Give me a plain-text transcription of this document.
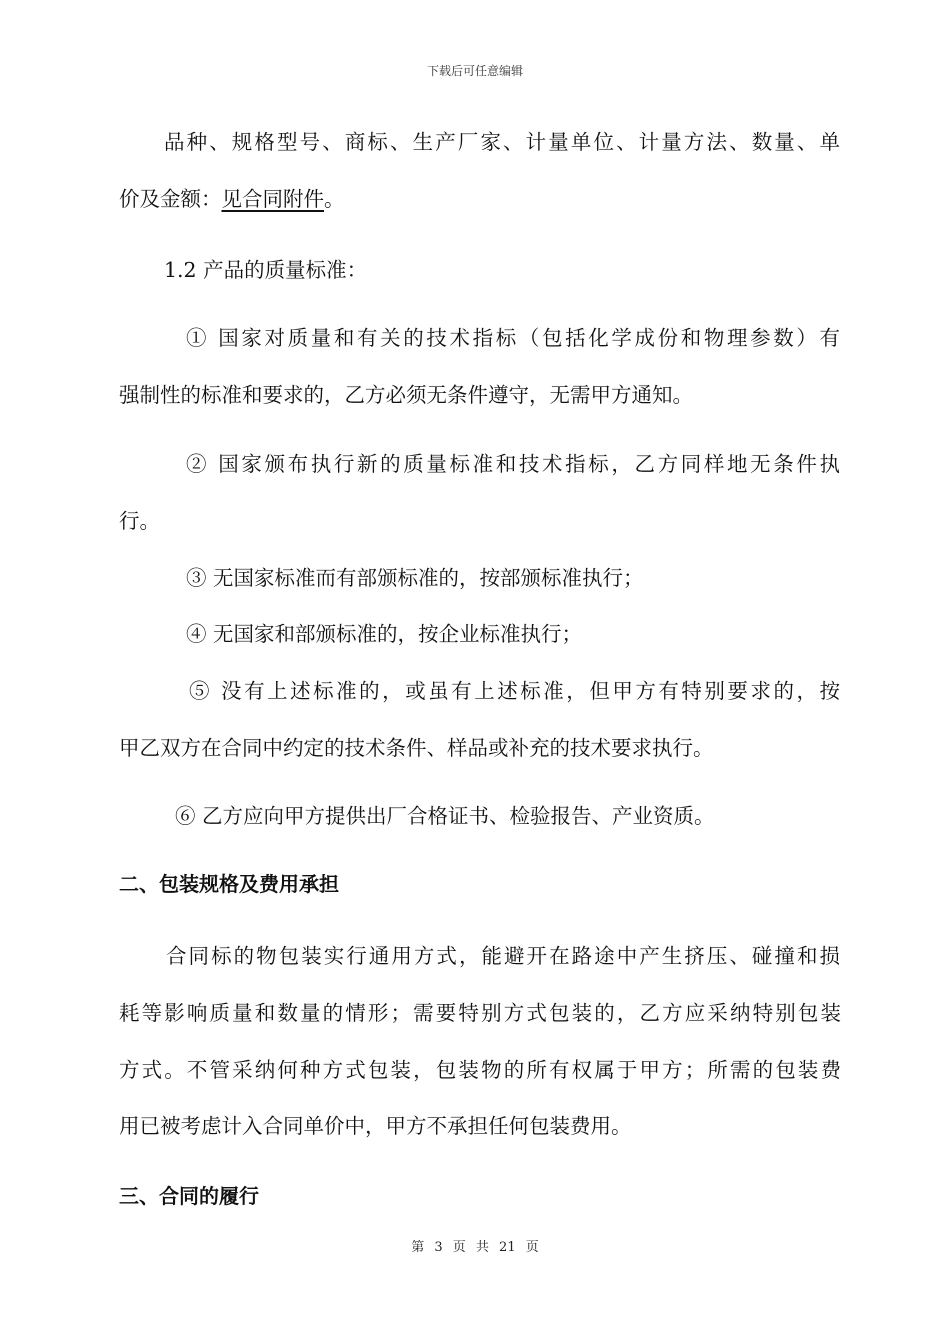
下载后可任意编辑
品种、规格型号、商标、生产厂家、计量单位、计量方法、数量、单
价及金额：见合同附件。
1.2 产品的质量标准：
① 国家对质量和有关的技术指标（包括化学成份和物理参数）有
强制性的标准和要求的，乙方必须无条件遵守，无需甲方通知。
② 国家颁布执行新的质量标准和技术指标，乙方同样地无条件执
行。
③ 无国家标准而有部颁标准的，按部颁标准执行；
④ 无国家和部颁标准的，按企业标准执行；
⑤ 没有上述标准的，或虽有上述标准，但甲方有特别要求的，按
甲乙双方在合同中约定的技术条件、样品或补充的技术要求执行。
⑥ 乙方应向甲方提供出厂合格证书、检验报告、产业资质。
二、包装规格及费用承担
合同标的物包装实行通用方式，能避开在路途中产生挤压、碰撞和损
耗等影响质量和数量的情形；需要特别方式包装的，乙方应采纳特别包装
方式。不管采纳何种方式包装，包装物的所有权属于甲方；所需的包装费
用已被考虑计入合同单价中，甲方不承担任何包装费用。
三、合同的履行
第 3 页 共 21 页
